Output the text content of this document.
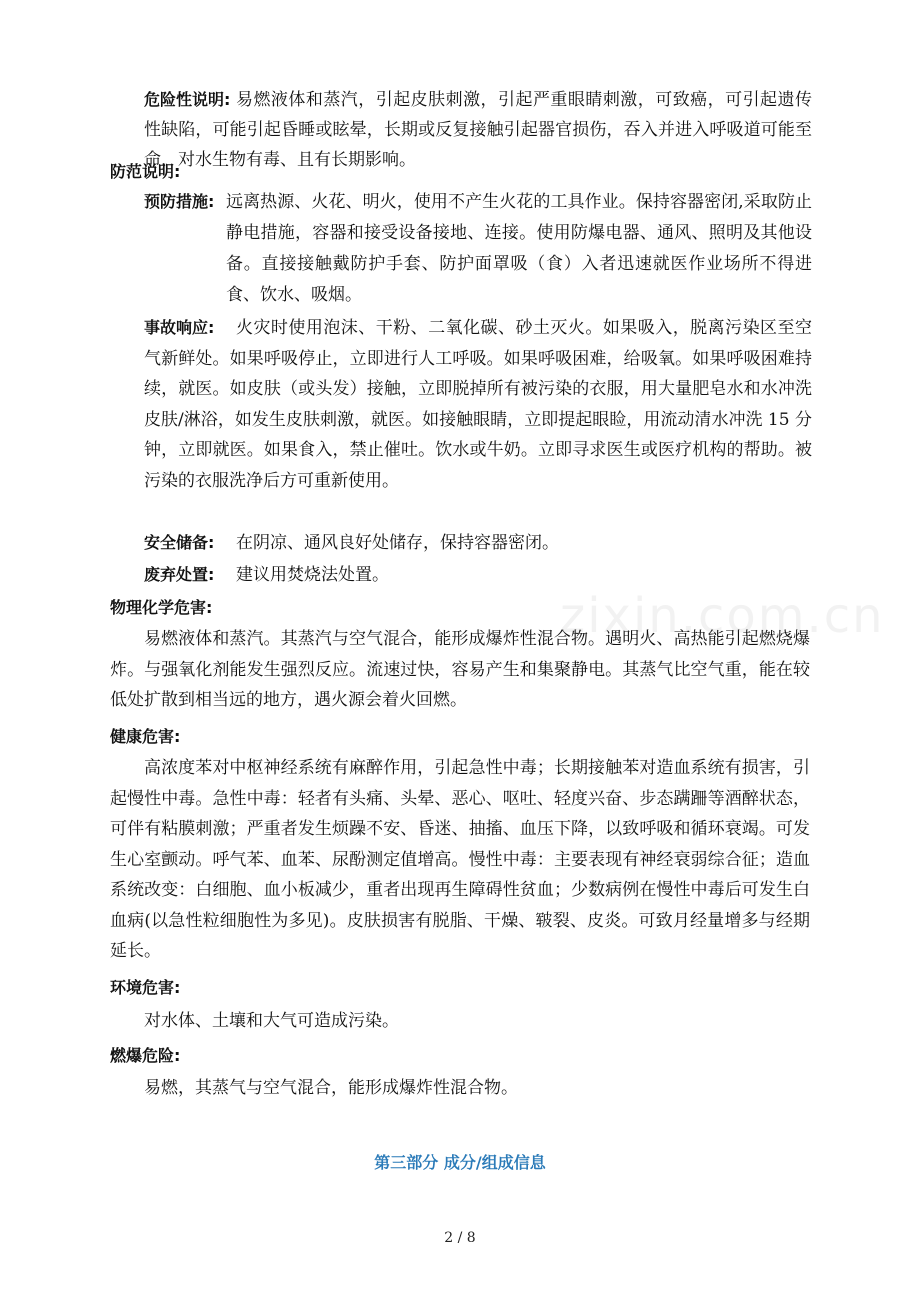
危险性说明: 易燃液体和蒸汽，引起皮肤刺激，引起严重眼睛刺激，可致癌，可引起遗传性缺陷，可能引起昏睡或眩晕，长期或反复接触引起器官损伤，吞入并进入呼吸道可能至命，对水生物有毒、且有长期影响。

防范说明:
预防措施: 远离热源、火花、明火，使用不产生火花的工具作业。保持容器密闭,采取防止静电措施，容器和接受设备接地、连接。使用防爆电器、通风、照明及其他设备。直接接触戴防护手套、防护面罩吸（食）入者迅速就医作业场所不得进食、饮水、吸烟。

事故响应:	火灾时使用泡沫、干粉、二氧化碳、砂土灭火。如果吸入，脱离污染区至空气新鲜处。如果呼吸停止，立即进行人工呼吸。如果呼吸困难，给吸氧。如果呼吸困难持续，就医。如皮肤（或头发）接触，立即脱掉所有被污染的衣服，用大量肥皂水和水冲洗皮肤/淋浴，如发生皮肤刺激，就医。如接触眼睛，立即提起眼睑，用流动清水冲洗 15 分钟，立即就医。如果食入，禁止催吐。饮水或牛奶。立即寻求医生或医疗机构的帮助。被污染的衣服洗净后方可重新使用。

安全储备:	在阴凉、通风良好处储存，保持容器密闭。

废弃处置:	建议用焚烧法处置。

物理化学危害:

易燃液体和蒸汽。其蒸汽与空气混合，能形成爆炸性混合物。遇明火、高热能引起燃烧爆炸。与强氧化剂能发生强烈反应。流速过快，容易产生和集聚静电。其蒸气比空气重，能在较低处扩散到相当远的地方，遇火源会着火回燃。

健康危害:

高浓度苯对中枢神经系统有麻醉作用，引起急性中毒；长期接触苯对造血系统有损害，引起慢性中毒。急性中毒：轻者有头痛、头晕、恶心、呕吐、轻度兴奋、步态蹒跚等酒醉状态，可伴有粘膜刺激；严重者发生烦躁不安、昏迷、抽搐、血压下降，以致呼吸和循环衰竭。可发生心室颤动。呼气苯、血苯、尿酚测定值增高。慢性中毒：主要表现有神经衰弱综合征；造血系统改变：白细胞、血小板减少，重者出现再生障碍性贫血；少数病例在慢性中毒后可发生白血病(以急性粒细胞性为多见)。皮肤损害有脱脂、干燥、皲裂、皮炎。可致月经量增多与经期延长。

环境危害:

对水体、土壤和大气可造成污染。

燃爆危险:

易燃，其蒸气与空气混合，能形成爆炸性混合物。

第三部分 成分/组成信息
2 / 8
zixin.com.cn
